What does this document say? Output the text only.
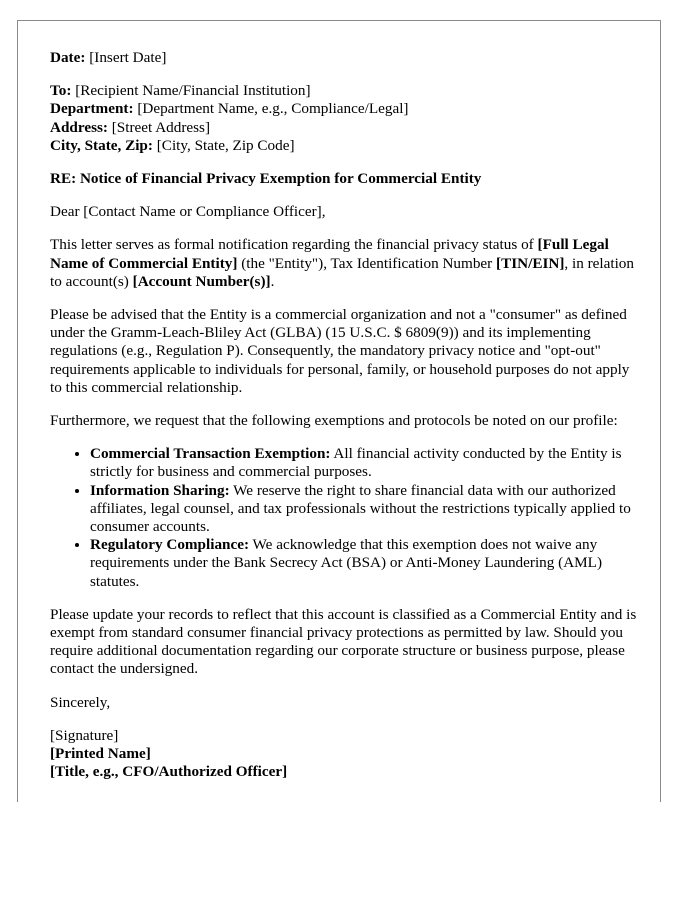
Date: [Insert Date]

To: [Recipient Name/Financial Institution]
Department: [Department Name, e.g., Compliance/Legal]
Address: [Street Address]
City, State, Zip: [City, State, Zip Code]

RE: Notice of Financial Privacy Exemption for Commercial Entity

Dear [Contact Name or Compliance Officer],

This letter serves as formal notification regarding the financial privacy status of [Full Legal Name of Commercial Entity] (the "Entity"), Tax Identification Number [TIN/EIN], in relation to account(s) [Account Number(s)].

Please be advised that the Entity is a commercial organization and not a "consumer" as defined under the Gramm-Leach-Bliley Act (GLBA) (15 U.S.C. $ 6809(9)) and its implementing regulations (e.g., Regulation P). Consequently, the mandatory privacy notice and "opt-out" requirements applicable to individuals for personal, family, or household purposes do not apply to this commercial relationship.

Furthermore, we request that the following exemptions and protocols be noted on our profile:

• Commercial Transaction Exemption: All financial activity conducted by the Entity is strictly for business and commercial purposes.
• Information Sharing: We reserve the right to share financial data with our authorized affiliates, legal counsel, and tax professionals without the restrictions typically applied to consumer accounts.
• Regulatory Compliance: We acknowledge that this exemption does not waive any requirements under the Bank Secrecy Act (BSA) or Anti-Money Laundering (AML) statutes.

Please update your records to reflect that this account is classified as a Commercial Entity and is exempt from standard consumer financial privacy protections as permitted by law. Should you require additional documentation regarding our corporate structure or business purpose, please contact the undersigned.

Sincerely,

[Signature]
[Printed Name]
[Title, e.g., CFO/Authorized Officer]
